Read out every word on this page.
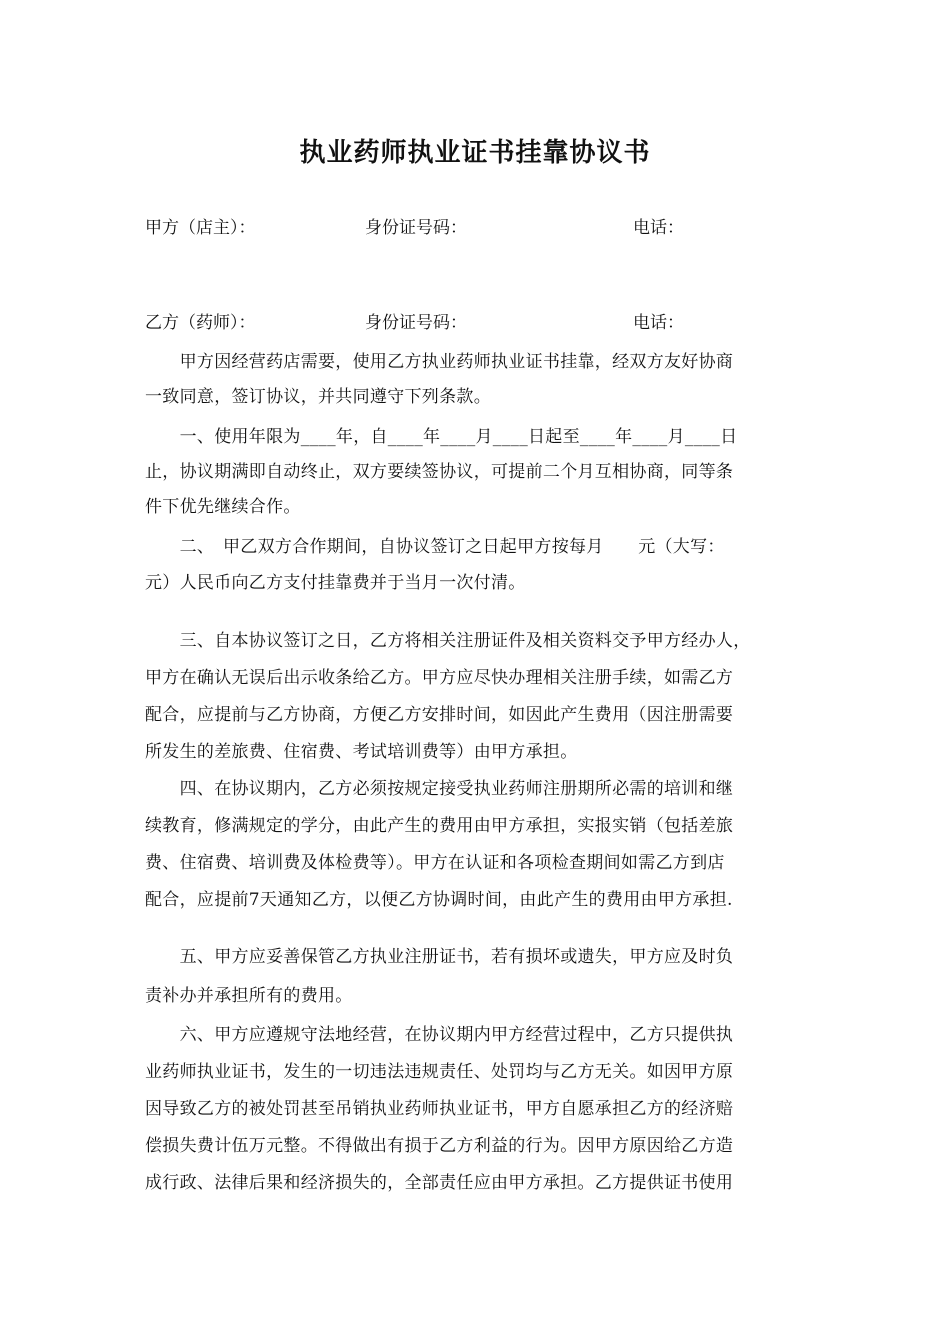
执业药师执业证书挂靠协议书
甲方（店主）：	身份证号码：	电话：
乙方（药师）：	身份证号码：	电话：
　　甲方因经营药店需要，使用乙方执业药师执业证书挂靠，经双方友好协商
一致同意，签订协议，并共同遵守下列条款。
　　一、使用年限为____年，自____年____月____日起至____年____月____日
止，协议期满即自动终止，双方要续签协议，可提前二个月互相协商，同等条
件下优先继续合作。
　　二、　甲乙双方合作期间，自协议签订之日起甲方按每月　　元（大写：
元）人民币向乙方支付挂靠费并于当月一次付清。
　　三、自本协议签订之日，乙方将相关注册证件及相关资料交予甲方经办人，
甲方在确认无误后出示收条给乙方。甲方应尽快办理相关注册手续，如需乙方
配合，应提前与乙方协商，方便乙方安排时间，如因此产生费用（因注册需要
所发生的差旅费、住宿费、考试培训费等）由甲方承担。
　　四、在协议期内，乙方必须按规定接受执业药师注册期所必需的培训和继
续教育，修满规定的学分，由此产生的费用由甲方承担，实报实销（包括差旅
费、住宿费、培训费及体检费等）。甲方在认证和各项检查期间如需乙方到店
配合，应提前7天通知乙方，以便乙方协调时间，由此产生的费用由甲方承担.
　　五、甲方应妥善保管乙方执业注册证书，若有损坏或遗失，甲方应及时负
责补办并承担所有的费用。
　　六、甲方应遵规守法地经营，在协议期内甲方经营过程中，乙方只提供执
业药师执业证书，发生的一切违法违规责任、处罚均与乙方无关。如因甲方原
因导致乙方的被处罚甚至吊销执业药师执业证书，甲方自愿承担乙方的经济赔
偿损失费计伍万元整。不得做出有损于乙方利益的行为。因甲方原因给乙方造
成行政、法律后果和经济损失的，全部责任应由甲方承担。乙方提供证书使用
